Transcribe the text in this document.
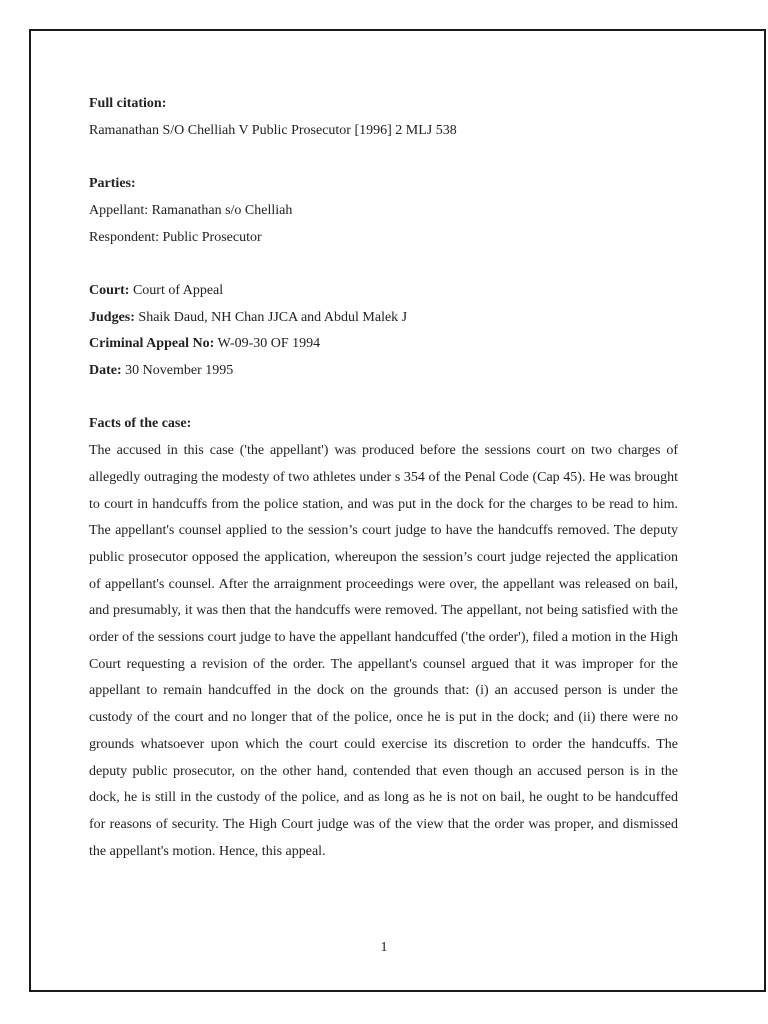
Full citation:
Ramanathan S/O Chelliah V Public Prosecutor [1996] 2 MLJ 538
Parties:
Appellant: Ramanathan s/o Chelliah
Respondent: Public Prosecutor
Court: Court of Appeal
Judges: Shaik Daud, NH Chan JJCA and Abdul Malek J
Criminal Appeal No: W-09-30 OF 1994
Date: 30 November 1995
Facts of the case:

The accused in this case ('the appellant') was produced before the sessions court on two charges of allegedly outraging the modesty of two athletes under s 354 of the Penal Code (Cap 45). He was brought to court in handcuffs from the police station, and was put in the dock for the charges to be read to him. The appellant's counsel applied to the session’s court judge to have the handcuffs removed. The deputy public prosecutor opposed the application, whereupon the session’s court judge rejected the application of appellant's counsel. After the arraignment proceedings were over, the appellant was released on bail, and presumably, it was then that the handcuffs were removed. The appellant, not being satisfied with the order of the sessions court judge to have the appellant handcuffed ('the order'), filed a motion in the High Court requesting a revision of the order. The appellant's counsel argued that it was improper for the appellant to remain handcuffed in the dock on the grounds that: (i) an accused person is under the custody of the court and no longer that of the police, once he is put in the dock; and (ii) there were no grounds whatsoever upon which the court could exercise its discretion to order the handcuffs. The deputy public prosecutor, on the other hand, contended that even though an accused person is in the dock, he is still in the custody of the police, and as long as he is not on bail, he ought to be handcuffed for reasons of security. The High Court judge was of the view that the order was proper, and dismissed the appellant's motion. Hence, this appeal.

1
